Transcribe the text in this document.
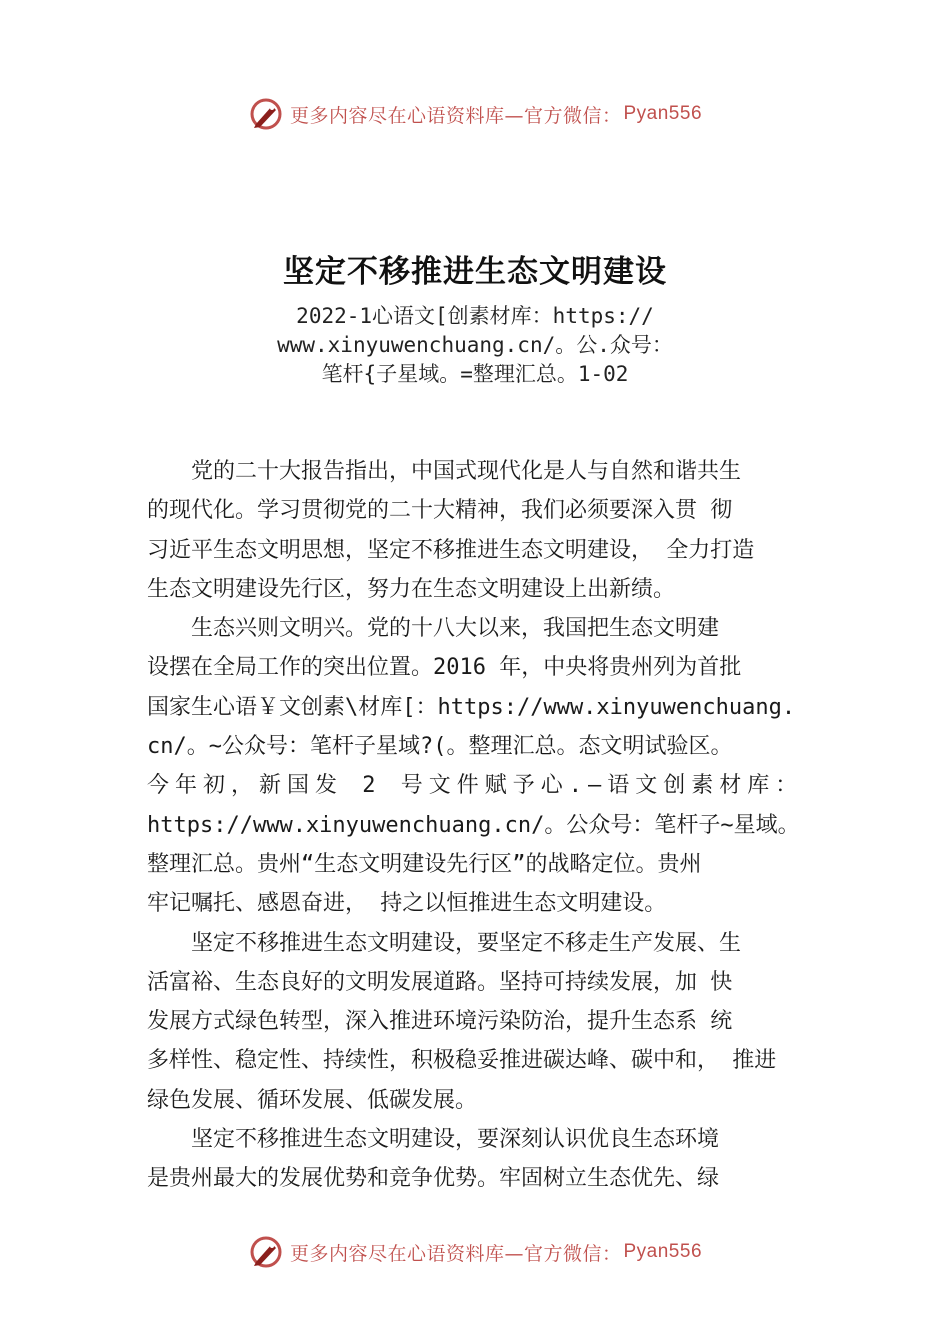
更多内容尽在心语资料库—官方微信： Pyan556
坚定不移推进生态文明建设
2022-1心语文[创素材库：https://
www.xinyuwenchuang.cn/。公.众号：
笔杆{子星域。=整理汇总。1-02
　　党的二十大报告指出，中国式现代化是人与自然和谐共生
的现代化。学习贯彻党的二十大精神，我们必须要深入贯 彻
习近平生态文明思想，坚定不移推进生态文明建设， 全力打造
生态文明建设先行区，努力在生态文明建设上出新绩。
　　生态兴则文明兴。党的十八大以来，我国把生态文明建
设摆在全局工作的突出位置。2016 年，中央将贵州列为首批
国家生心语￥文创素\材库[：https://www.xinyuwenchuang.
cn/。~公众号：笔杆子星域?(。整理汇总。态文明试验区。
今年初，新国发 2 号文件赋予心.—语文创素材库：
https://www.xinyuwenchuang.cn/。公众号：笔杆子~星域。
整理汇总。贵州“生态文明建设先行区”的战略定位。贵州
牢记嘱托、感恩奋进， 持之以恒推进生态文明建设。
　　坚定不移推进生态文明建设，要坚定不移走生产发展、生
活富裕、生态良好的文明发展道路。坚持可持续发展，加 快
发展方式绿色转型，深入推进环境污染防治，提升生态系 统
多样性、稳定性、持续性，积极稳妥推进碳达峰、碳中和， 推进
绿色发展、循环发展、低碳发展。
　　坚定不移推进生态文明建设，要深刻认识优良生态环境
是贵州最大的发展优势和竞争优势。牢固树立生态优先、绿
更多内容尽在心语资料库—官方微信： Pyan556
